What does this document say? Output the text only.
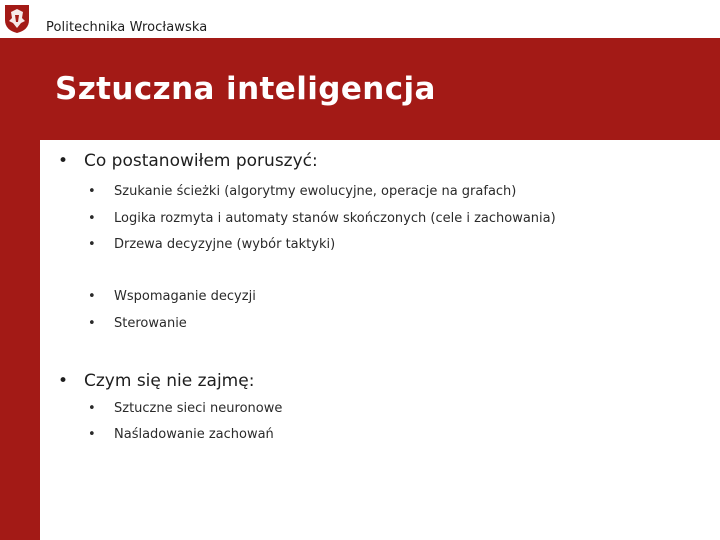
Politechnika Wrocławska
Sztuczna inteligencja
• Co postanowiłem poruszyć:
• Szukanie ścieżki (algorytmy ewolucyjne, operacje na grafach)
• Logika rozmyta i automaty stanów skończonych (cele i zachowania)
• Drzewa decyzyjne (wybór taktyki)
• Wspomaganie decyzji
• Sterowanie
• Czym się nie zajmę:
• Sztuczne sieci neuronowe
• Naśladowanie zachowań
